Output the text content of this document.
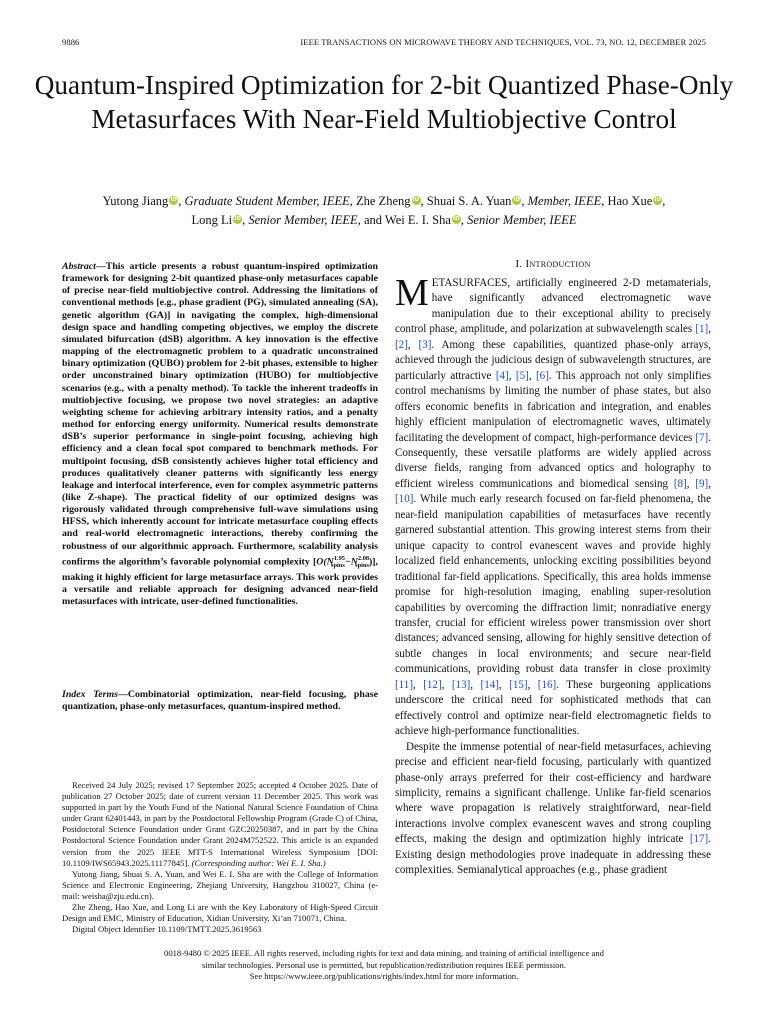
9886	IEEE TRANSACTIONS ON MICROWAVE THEORY AND TECHNIQUES, VOL. 73, NO. 12, DECEMBER 2025
Quantum-Inspired Optimization for 2-bit Quantized Phase-Only Metasurfaces With Near-Field Multiobjective Control
Yutong Jiang iD, Graduate Student Member, IEEE, Zhe Zheng iD, Shuai S. A. Yuan iD, Member, IEEE, Hao Xue iD,
Long Li iD, Senior Member, IEEE, and Wei E. I. Sha iD, Senior Member, IEEE
Abstract—This article presents a robust quantum-inspired optimization framework for designing 2-bit quantized phase-only metasurfaces capable of precise near-field multiobjective control. Addressing the limitations of conventional methods [e.g., phase gradient (PG), simulated annealing (SA), genetic algorithm (GA)] in navigating the complex, high-dimensional design space and handling competing objectives, we employ the discrete simulated bifurcation (dSB) algorithm. A key innovation is the effective mapping of the electromagnetic problem to a quadratic unconstrained binary optimization (QUBO) problem for 2-bit phases, extensible to higher order unconstrained binary optimization (HUBO) for multiobjective scenarios (e.g., with a penalty method). To tackle the inherent tradeoffs in multiobjective focusing, we propose two novel strategies: an adaptive weighting scheme for achieving arbitrary intensity ratios, and a penalty method for enforcing energy uniformity. Numerical results demonstrate dSB’s superior performance in single-point focusing, achieving high efficiency and a clean focal spot compared to benchmark methods. For multipoint focusing, dSB consistently achieves higher total efficiency and produces qualitatively cleaner patterns with significantly less energy leakage and interfocal interference, even for complex asymmetric patterns (like Z-shape). The practical fidelity of our optimized designs was rigorously validated through comprehensive full-wave simulations using HFSS, which inherently account for intricate metasurface coupling effects and real-world electromagnetic interactions, thereby confirming the robustness of our algorithmic approach. Furthermore, scalability analysis confirms the algorithm’s favorable polynomial complexity $[O(N^{1.95}_{spins}-N^{2.08}_{spins})]$, making it highly efficient for large metasurface arrays. This work provides a versatile and reliable approach for designing advanced near-field metasurfaces with intricate, user-defined functionalities.
Index Terms—Combinatorial optimization, near-field focusing, phase quantization, phase-only metasurfaces, quantum-inspired method.

Received 24 July 2025; revised 17 September 2025; accepted 4 October 2025. Date of publication 27 October 2025; date of current version 11 December 2025. This work was supported in part by the Youth Fund of the National Natural Science Foundation of China under Grant 62401443, in part by the Postdoctoral Fellowship Program (Grade C) of China, Postdoctoral Science Foundation under Grant GZC20250387, and in part by the China Postdoctoral Science Foundation under Grant 2024M752522. This article is an expanded version from the 2025 IEEE MTT-S International Wireless Symposium [DOI: 10.1109/IWS65943.2025.11177845]. (Corresponding author: Wei E. I. Sha.)

Yutong Jiang, Shuai S. A. Yuan, and Wei E. I. Sha are with the College of Information Science and Electronic Engineering, Zhejiang University, Hangzhou 310027, China (e-mail: weisha@zju.edu.cn).

Zhe Zheng, Hao Xue, and Long Li are with the Key Laboratory of High-Speed Circuit Design and EMC, Ministry of Education, Xidian University, Xi’an 710071, China.

Digital Object Identifier 10.1109/TMTT.2025.3619563

I. Introduction

METASURFACES, artificially engineered 2-D metamaterials, have significantly advanced electromagnetic wave manipulation due to their exceptional ability to precisely control phase, amplitude, and polarization at subwavelength scales [1], [2], [3]. Among these capabilities, quantized phase-only arrays, achieved through the judicious design of subwavelength structures, are particularly attractive [4], [5], [6]. This approach not only simplifies control mechanisms by limiting the number of phase states, but also offers economic benefits in fabrication and integration, and enables highly efficient manipulation of electromagnetic waves, ultimately facilitating the development of compact, high-performance devices [7]. Consequently, these versatile platforms are widely applied across diverse fields, ranging from advanced optics and holography to efficient wireless communications and biomedical sensing [8], [9], [10]. While much early research focused on far-field phenomena, the near-field manipulation capabilities of metasurfaces have recently garnered substantial attention. This growing interest stems from their unique capacity to control evanescent waves and provide highly localized field enhancements, unlocking exciting possibilities beyond traditional far-field applications. Specifically, this area holds immense promise for high-resolution imaging, enabling super-resolution capabilities by overcoming the diffraction limit; nonradiative energy transfer, crucial for efficient wireless power transmission over short distances; advanced sensing, allowing for highly sensitive detection of subtle changes in local environments; and secure near-field communications, providing robust data transfer in close proximity [11], [12], [13], [14], [15], [16]. These burgeoning applications underscore the critical need for sophisticated methods that can effectively control and optimize near-field electromagnetic fields to achieve high-performance functionalities.

Despite the immense potential of near-field metasurfaces, achieving precise and efficient near-field focusing, particularly with quantized phase-only arrays preferred for their cost-efficiency and hardware simplicity, remains a significant challenge. Unlike far-field scenarios where wave propagation is relatively straightforward, near-field interactions involve complex evanescent waves and strong coupling effects, making the design and optimization highly intricate [17]. Existing design methodologies prove inadequate in addressing these complexities. Semianalytical approaches (e.g., phase gradient

0018-9480 © 2025 IEEE. All rights reserved, including rights for text and data mining, and training of artificial intelligence and
similar technologies. Personal use is permitted, but republication/redistribution requires IEEE permission.
See https://www.ieee.org/publications/rights/index.html for more information.
